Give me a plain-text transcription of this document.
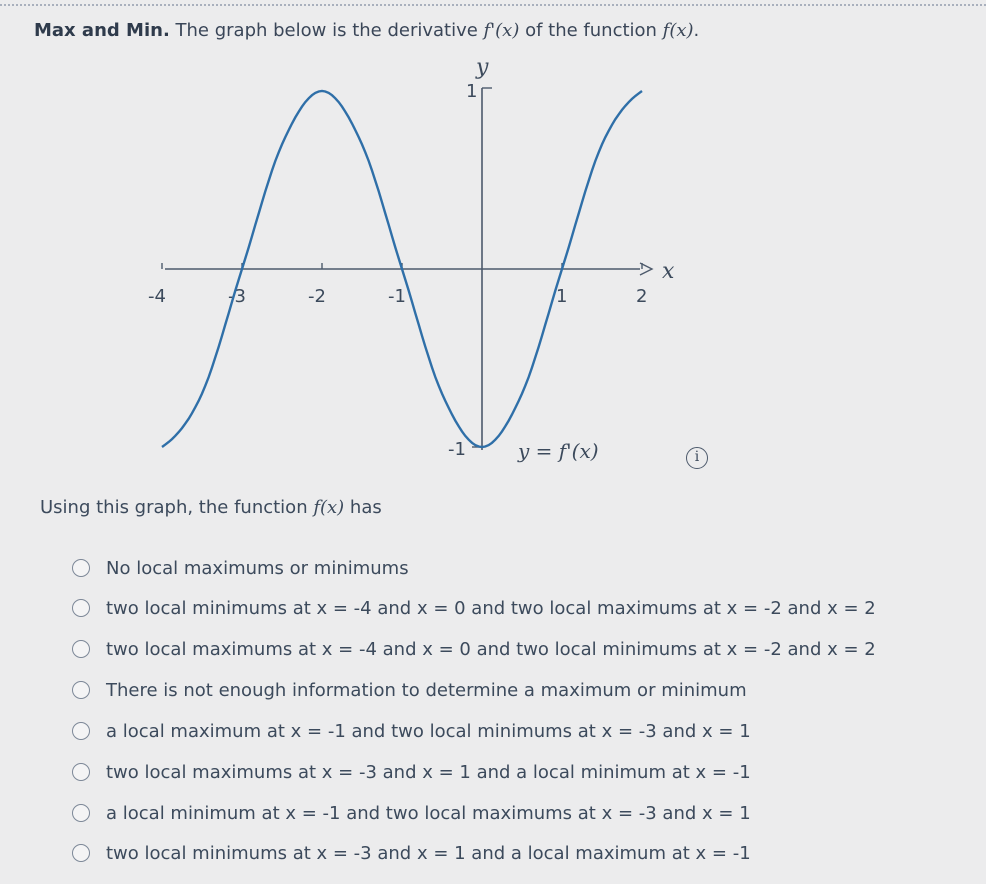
Max and Min. The graph below is the derivative f'(x) of the function f(x).
y
x
1
-1
-4	-3	-2	-1	1	2
y = f'(x)	i
Using this graph, the function f(x) has
No local maximums or minimums
two local minimums at x = -4 and x = 0 and two local maximums at x = -2 and x = 2
two local maximums at x = -4 and x = 0 and two local minimums at x = -2 and x = 2
There is not enough information to determine a maximum or minimum
a local maximum at x = -1 and two local minimums at x = -3 and x = 1
two local maximums at x = -3 and x = 1 and a local minimum at x = -1
a local minimum at x = -1 and two local maximums at x = -3 and x = 1
two local minimums at x = -3 and x = 1 and a local maximum at x = -1
